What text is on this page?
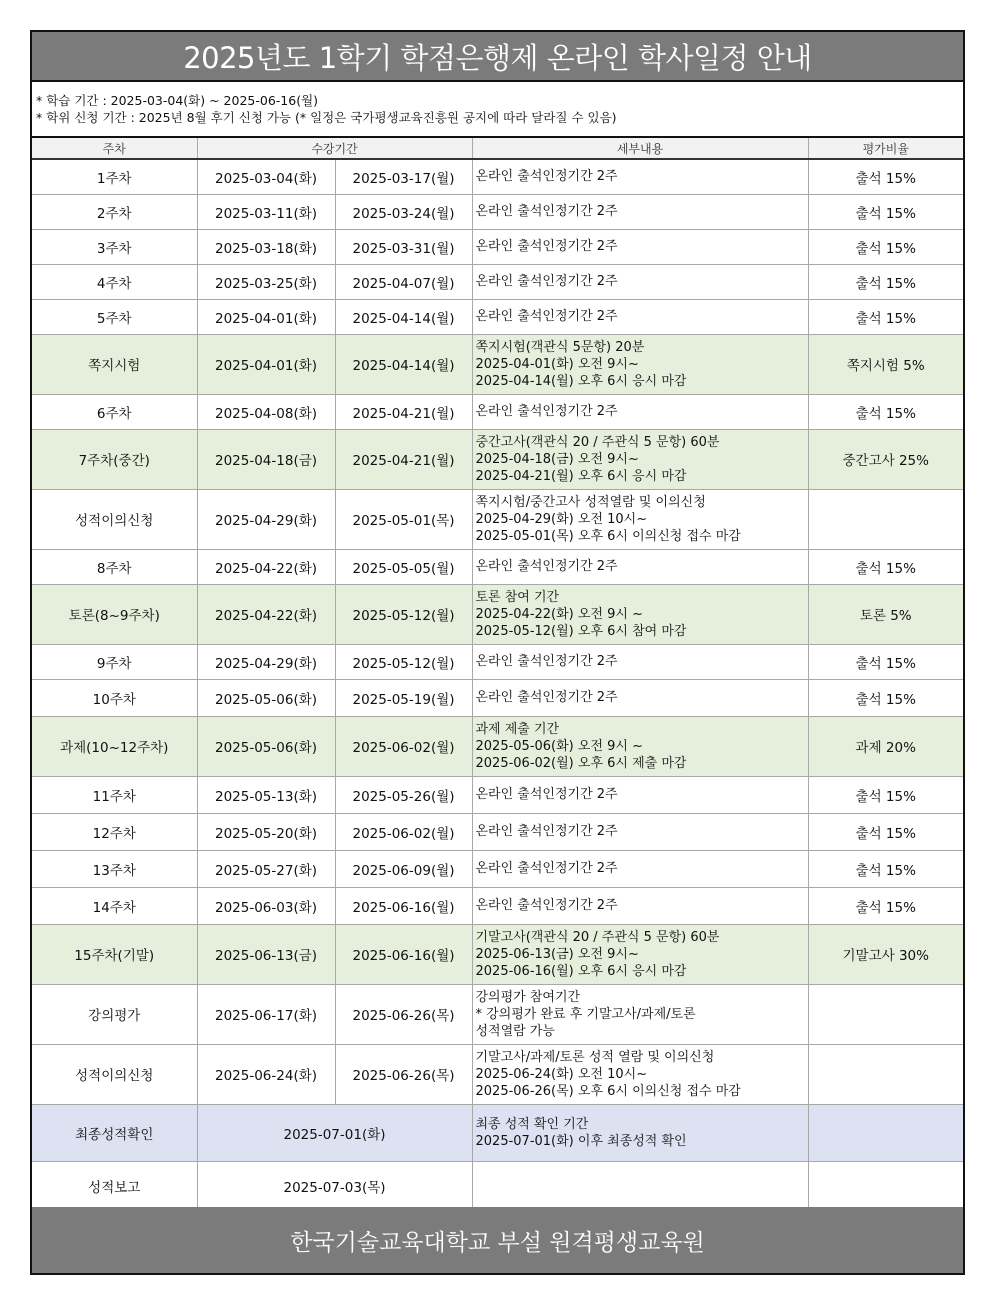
2025년도 1학기 학점은행제 온라인 학사일정 안내
* 학습 기간 : 2025-03-04(화) ~ 2025-06-16(월)
* 학위 신청 기간 : 2025년 8월 후기 신청 가능 (* 일정은 국가평생교육진흥원 공지에 따라 달라질 수 있음)
주차	수강기간		세부내용	평가비율
1주차	2025-03-04(화)	2025-03-17(월)	온라인 출석인정기간 2주	출석 15%
2주차	2025-03-11(화)	2025-03-24(월)	온라인 출석인정기간 2주	출석 15%
3주차	2025-03-18(화)	2025-03-31(월)	온라인 출석인정기간 2주	출석 15%
4주차	2025-03-25(화)	2025-04-07(월)	온라인 출석인정기간 2주	출석 15%
5주차	2025-04-01(화)	2025-04-14(월)	온라인 출석인정기간 2주	출석 15%
쪽지시험	2025-04-01(화)	2025-04-14(월)	쪽지시험(객관식 5문항) 20분
2025-04-01(화) 오전 9시~
2025-04-14(월) 오후 6시 응시 마감	쪽지시험 5%
6주차	2025-04-08(화)	2025-04-21(월)	온라인 출석인정기간 2주	출석 15%
7주차(중간)	2025-04-18(금)	2025-04-21(월)	중간고사(객관식 20 / 주관식 5 문항) 60분
2025-04-18(금) 오전 9시~
2025-04-21(월) 오후 6시 응시 마감	중간고사 25%
성적이의신청	2025-04-29(화)	2025-05-01(목)	쪽지시험/중간고사 성적열람 및 이의신청
2025-04-29(화) 오전 10시~
2025-05-01(목) 오후 6시 이의신청 접수 마감	

8주차	2025-04-22(화)	2025-05-05(월)	온라인 출석인정기간 2주	출석 15%
토론(8~9주차)	2025-04-22(화)	2025-05-12(월)	토론 참여 기간
2025-04-22(화) 오전 9시 ~
2025-05-12(월) 오후 6시 참여 마감	토론 5%
9주차	2025-04-29(화)	2025-05-12(월)	온라인 출석인정기간 2주	출석 15%
10주차	2025-05-06(화)	2025-05-19(월)	온라인 출석인정기간 2주	출석 15%
과제(10~12주차)	2025-05-06(화)	2025-06-02(월)	과제 제출 기간
2025-05-06(화) 오전 9시 ~
2025-06-02(월) 오후 6시 제출 마감	과제 20%
11주차	2025-05-13(화)	2025-05-26(월)	온라인 출석인정기간 2주	출석 15%
12주차	2025-05-20(화)	2025-06-02(월)	온라인 출석인정기간 2주	출석 15%
13주차	2025-05-27(화)	2025-06-09(월)	온라인 출석인정기간 2주	출석 15%
14주차	2025-06-03(화)	2025-06-16(월)	온라인 출석인정기간 2주	출석 15%
15주차(기말)	2025-06-13(금)	2025-06-16(월)	기말고사(객관식 20 / 주관식 5 문항) 60분
2025-06-13(금) 오전 9시~
2025-06-16(월) 오후 6시 응시 마감	기말고사 30%
강의평가	2025-06-17(화)	2025-06-26(목)	강의평가 참여기간
* 강의평가 완료 후 기말고사/과제/토론
성적열람 가능	

성적이의신청	2025-06-24(화)	2025-06-26(목)	기말고사/과제/토론 성적 열람 및 이의신청
2025-06-24(화) 오전 10시~
2025-06-26(목) 오후 6시 이의신청 접수 마감	

최종성적확인	2025-07-01(화)		최종 성적 확인 기간
2025-07-01(화) 이후 최종성적 확인	

성적보고	2025-07-03(목)			
한국기술교육대학교 부설 원격평생교육원
